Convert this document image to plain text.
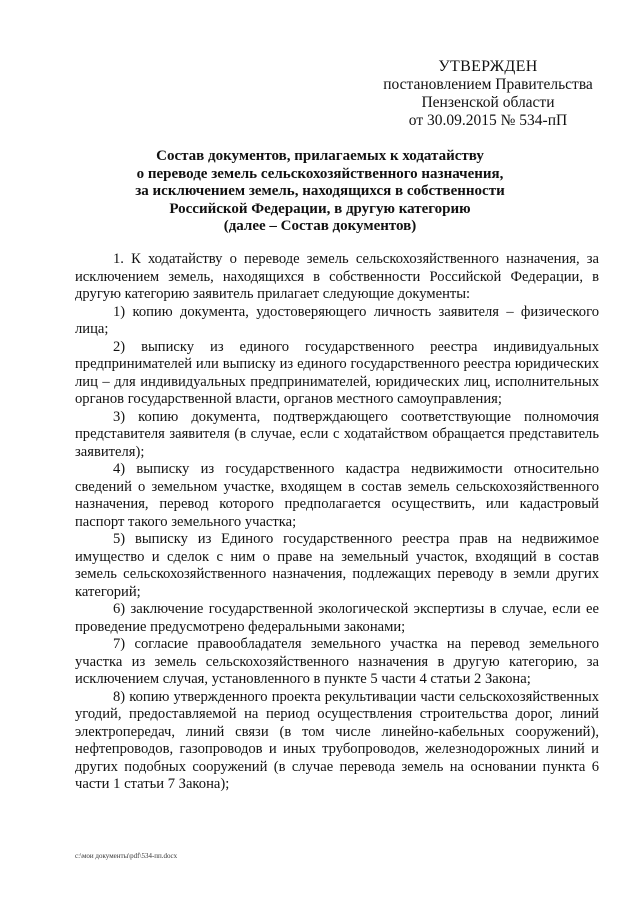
УТВЕРЖДЕН
постановлением Правительства
Пензенской области
от 30.09.2015 № 534-пП
Состав документов, прилагаемых к ходатайству
о переводе земель сельскохозяйственного назначения,
за исключением земель, находящихся в собственности
Российской Федерации, в другую категорию
(далее – Состав документов)

1. К ходатайству о переводе земель сельскохозяйственного назначения, за исключением земель, находящихся в собственности Российской Федерации, в другую категорию заявитель прилагает следующие документы:

1) копию документа, удостоверяющего личность заявителя – физического лица;

2) выписку из единого государственного реестра индивидуальных предпринимателей или выписку из единого государственного реестра юридических лиц – для индивидуальных предпринимателей, юридических лиц, исполнительных органов государственной власти, органов местного самоуправления;

3) копию документа, подтверждающего соответствующие полномочия представителя заявителя (в случае, если с ходатайством обращается представитель заявителя);

4) выписку из государственного кадастра недвижимости относительно сведений о земельном участке, входящем в состав земель сельскохозяйственного назначения, перевод которого предполагается осуществить, или кадастровый паспорт такого земельного участка;

5) выписку из Единого государственного реестра прав на недвижимое имущество и сделок с ним о праве на земельный участок, входящий в состав земель сельскохозяйственного назначения, подлежащих переводу в земли других категорий;

6) заключение государственной экологической экспертизы в случае, если ее проведение предусмотрено федеральными законами;

7) согласие правообладателя земельного участка на перевод земельного участка из земель сельскохозяйственного назначения в другую категорию, за исключением случая, установленного в пункте 5 части 4 статьи 2 Закона;

8) копию утвержденного проекта рекультивации части сельскохозяйственных угодий, предоставляемой на период осуществления строительства дорог, линий электропередач, линий связи (в том числе линейно-кабельных сооружений), нефтепроводов, газопроводов и иных трубопроводов, железнодорожных линий и других подобных сооружений (в случае перевода земель на основании пункта 6 части 1 статьи 7 Закона);

c:\мои документы\pdf\534-пп.docx
